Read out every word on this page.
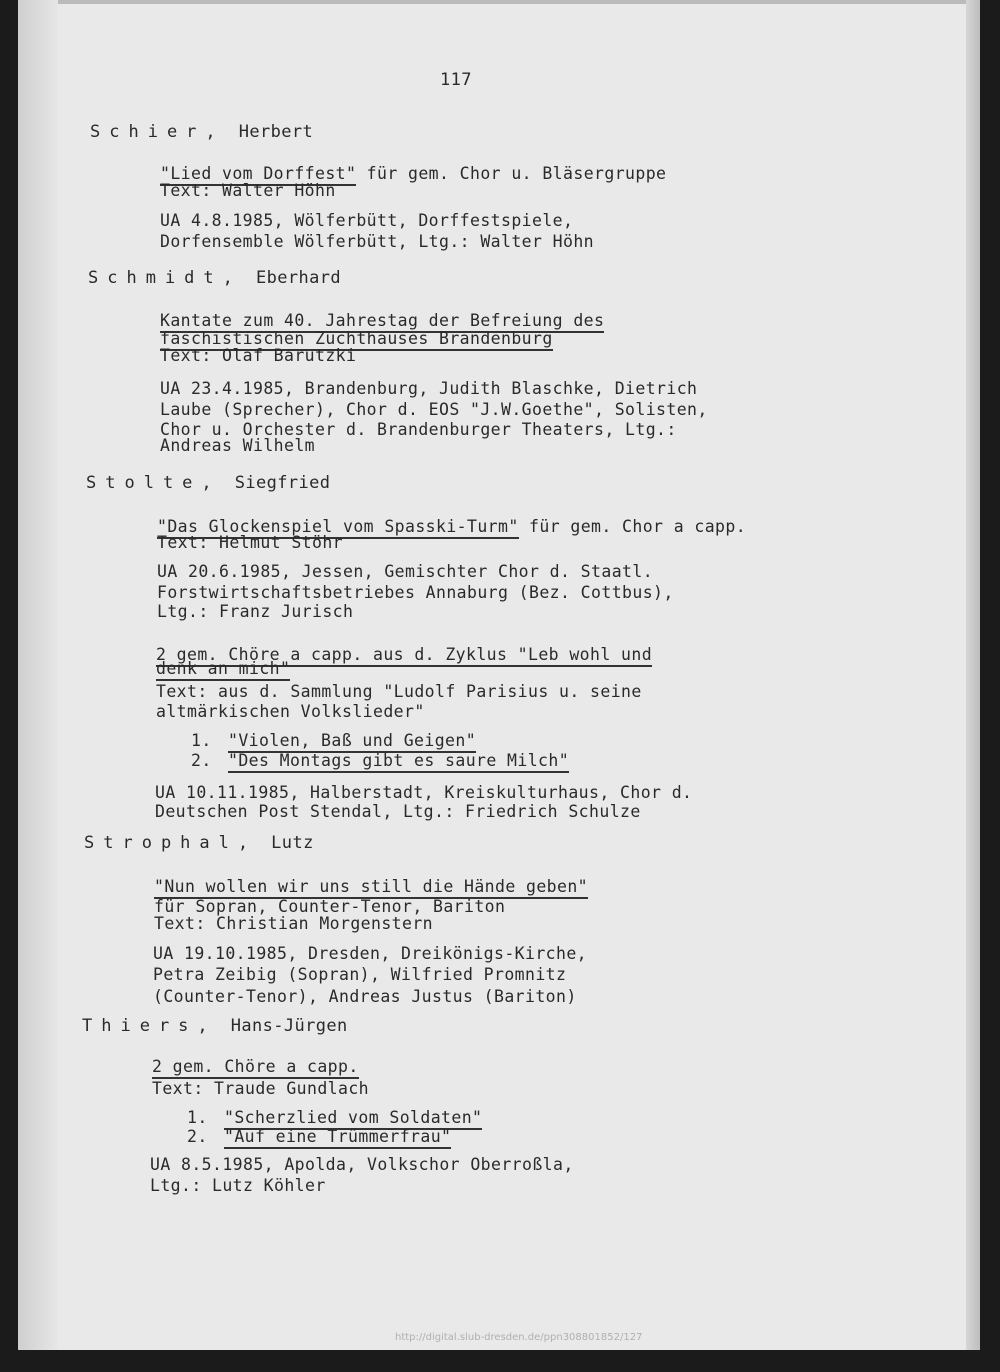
117
Schier, Herbert
"Lied vom Dorffest" für gem. Chor u. Bläsergruppe
Text: Walter Höhn
UA 4.8.1985, Wölferbütt, Dorffestspiele,
Dorfensemble Wölferbütt, Ltg.: Walter Höhn
Schmidt, Eberhard
Kantate zum 40. Jahrestag der Befreiung des
faschistischen Zuchthauses Brandenburg
Text: Olaf Barutzki
UA 23.4.1985, Brandenburg, Judith Blaschke, Dietrich
Laube (Sprecher), Chor d. EOS "J.W.Goethe", Solisten,
Chor u. Orchester d. Brandenburger Theaters, Ltg.:
Andreas Wilhelm
Stolte, Siegfried
"Das Glockenspiel vom Spasski-Turm" für gem. Chor a capp.
Text: Helmut Stöhr
UA 20.6.1985, Jessen, Gemischter Chor d. Staatl.
Forstwirtschaftsbetriebes Annaburg (Bez. Cottbus),
Ltg.: Franz Jurisch
2 gem. Chöre a capp. aus d. Zyklus "Leb wohl und
denk an mich"
Text: aus d. Sammlung "Ludolf Parisius u. seine
altmärkischen Volkslieder"
1. "Violen, Baß und Geigen"
2. "Des Montags gibt es saure Milch"
UA 10.11.1985, Halberstadt, Kreiskulturhaus, Chor d.
Deutschen Post Stendal, Ltg.: Friedrich Schulze
Strophal, Lutz
"Nun wollen wir uns still die Hände geben"
für Sopran, Counter-Tenor, Bariton
Text: Christian Morgenstern
UA 19.10.1985, Dresden, Dreikönigs-Kirche,
Petra Zeibig (Sopran), Wilfried Promnitz
(Counter-Tenor), Andreas Justus (Bariton)
Thiers, Hans-Jürgen
2 gem. Chöre a capp.
Text: Traude Gundlach
1. "Scherzlied vom Soldaten"
2. "Auf eine Trümmerfrau"
UA 8.5.1985, Apolda, Volkschor Oberroßla,
Ltg.: Lutz Köhler
http://digital.slub-dresden.de/ppn308801852/127
